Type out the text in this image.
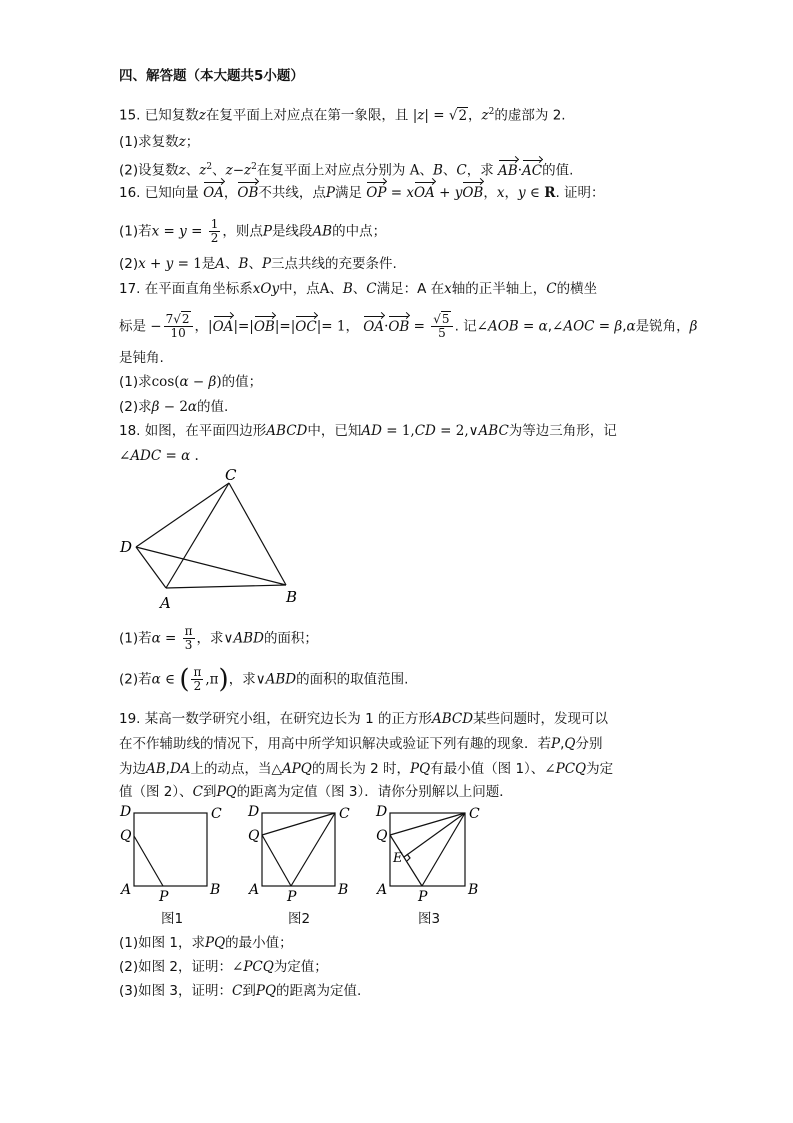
四、解答题（本大题共5小题）
15. 已知复数z在复平面上对应点在第一象限，且 |z| = √2，$z^2$的虚部为 2.
(1)求复数z；
(2)设复数z、$z^2$、$z-z^2$在复平面上对应点分别为 A、B、C，求 AB·AC的值.
16. 已知向量 OA，OB不共线，点P满足 OP = xOA + yOB，x，y ∈ R. 证明：
(1)若$x = y = \frac{1}{2}$ ，则点P是线段AB的中点；
(2)x + y = 1是A、B、P三点共线的充要条件.
17. 在平面直角坐标系xOy中，点A、B、C满足：A 在x轴的正半轴上，C的横坐
标是 − $\frac{7√2}{10}$ ，|OA|=|OB|=|OC|= 1， $OA\cdot OB = \frac{√5}{5}$ . 记∠AOB = α,∠AOC = β,α是锐角，β
是钝角.
(1)求cos(α − β)的值；
(2)求β − 2α的值.
18. 如图，在平面四边形ABCD中，已知AD = 1,CD = 2,∨ABC为等边三角形，记
∠ADC = α .
C
D
A	B
(1)若$\alpha = \frac{\pi}{3}$ ，求∨ABD的面积；
(2)若α ∈ ( $\frac{\pi}{2} ,\pi$)，求∨ABD的面积的取值范围.
19. 某高一数学研究小组，在研究边长为 1 的正方形ABCD某些问题时，发现可以
在不作辅助线的情况下，用高中所学知识解决或验证下列有趣的现象．若P,Q分别
为边AB,DA上的动点，当△APQ的周长为 2 时，PQ有最小值（图 1）、∠PCQ为定
值（图 2）、C到PQ的距离为定值（图 3）．请你分别解以上问题．
D	C
Q
A P	B
图1
D	C
Q
A P	B
图2
D	C
Q
E
A P	B
图3
(1)如图 1，求PQ的最小值；
(2)如图 2，证明：∠PCQ为定值；
(3)如图 3，证明：C到PQ的距离为定值.
